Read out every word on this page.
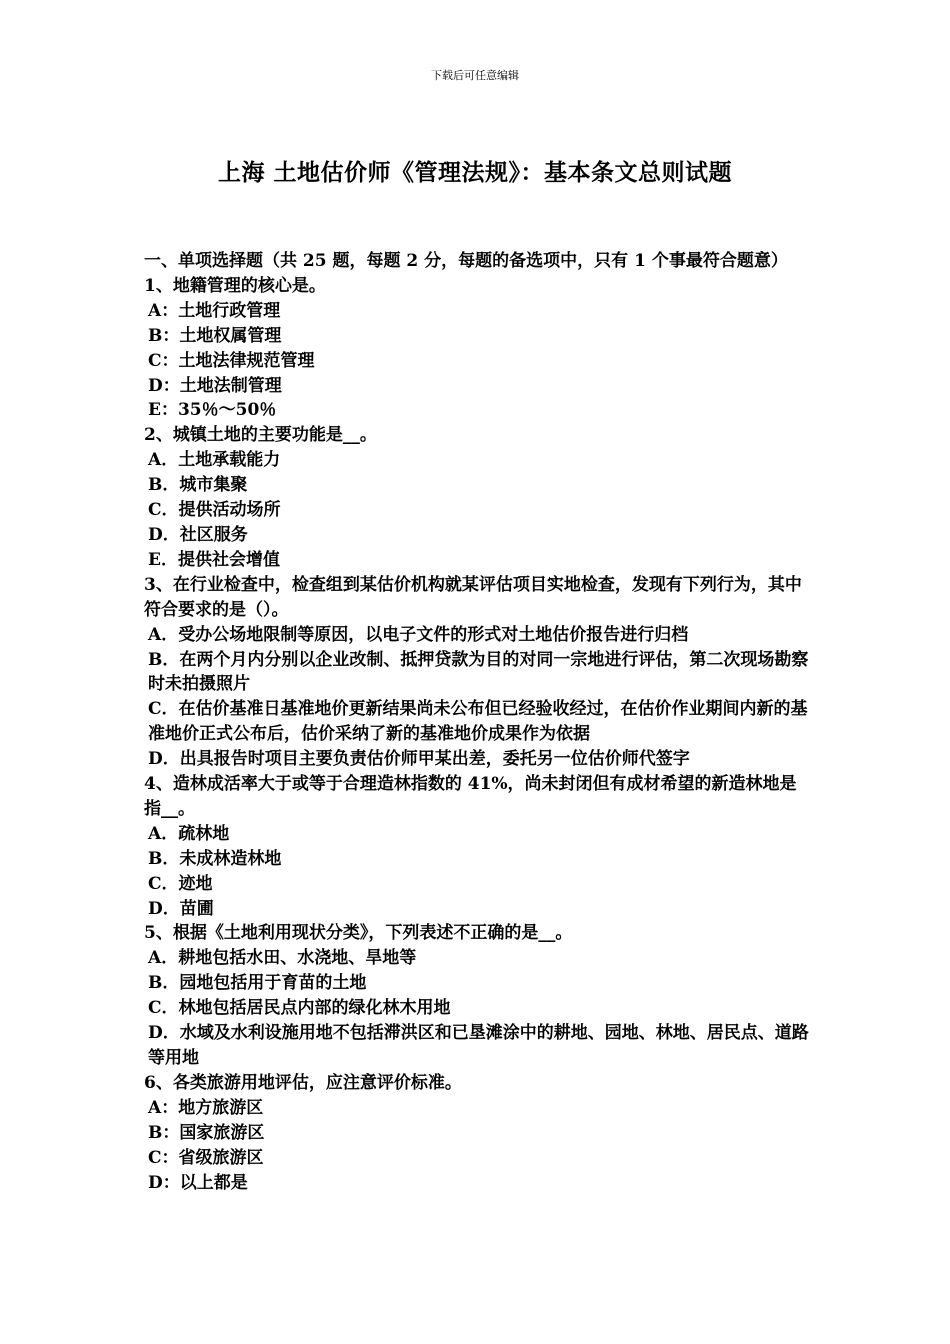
下载后可任意编辑
上海 土地估价师《管理法规》：基本条文总则试题
一、单项选择题（共 25 题，每题 2 分，每题的备选项中，只有 1 个事最符合题意）
1、地籍管理的核心是。
A：土地行政管理
B：土地权属管理
C：土地法律规范管理
D：土地法制管理
E：35％～50％
2、城镇土地的主要功能是__。
A．土地承载能力
B．城市集聚
C．提供活动场所
D．社区服务
E．提供社会增值
3、在行业检查中，检查组到某估价机构就某评估项目实地检查，发现有下列行为，其中符合要求的是（）。
A．受办公场地限制等原因，以电子文件的形式对土地估价报告进行归档
B．在两个月内分别以企业改制、抵押贷款为目的对同一宗地进行评估，第二次现场勘察时未拍摄照片
C．在估价基准日基准地价更新结果尚未公布但已经验收经过，在估价作业期间内新的基准地价正式公布后，估价采纳了新的基准地价成果作为依据
D．出具报告时项目主要负责估价师甲某出差，委托另一位估价师代签字
4、造林成活率大于或等于合理造林指数的 41%，尚未封闭但有成材希望的新造林地是指__。
A．疏林地
B．未成林造林地
C．迹地
D．苗圃
5、根据《土地利用现状分类》，下列表述不正确的是__。
A．耕地包括水田、水浇地、旱地等
B．园地包括用于育苗的土地
C．林地包括居民点内部的绿化林木用地
D．水域及水利设施用地不包括滞洪区和已垦滩涂中的耕地、园地、林地、居民点、道路等用地
6、各类旅游用地评估，应注意评价标准。
A：地方旅游区
B：国家旅游区
C：省级旅游区
D：以上都是
